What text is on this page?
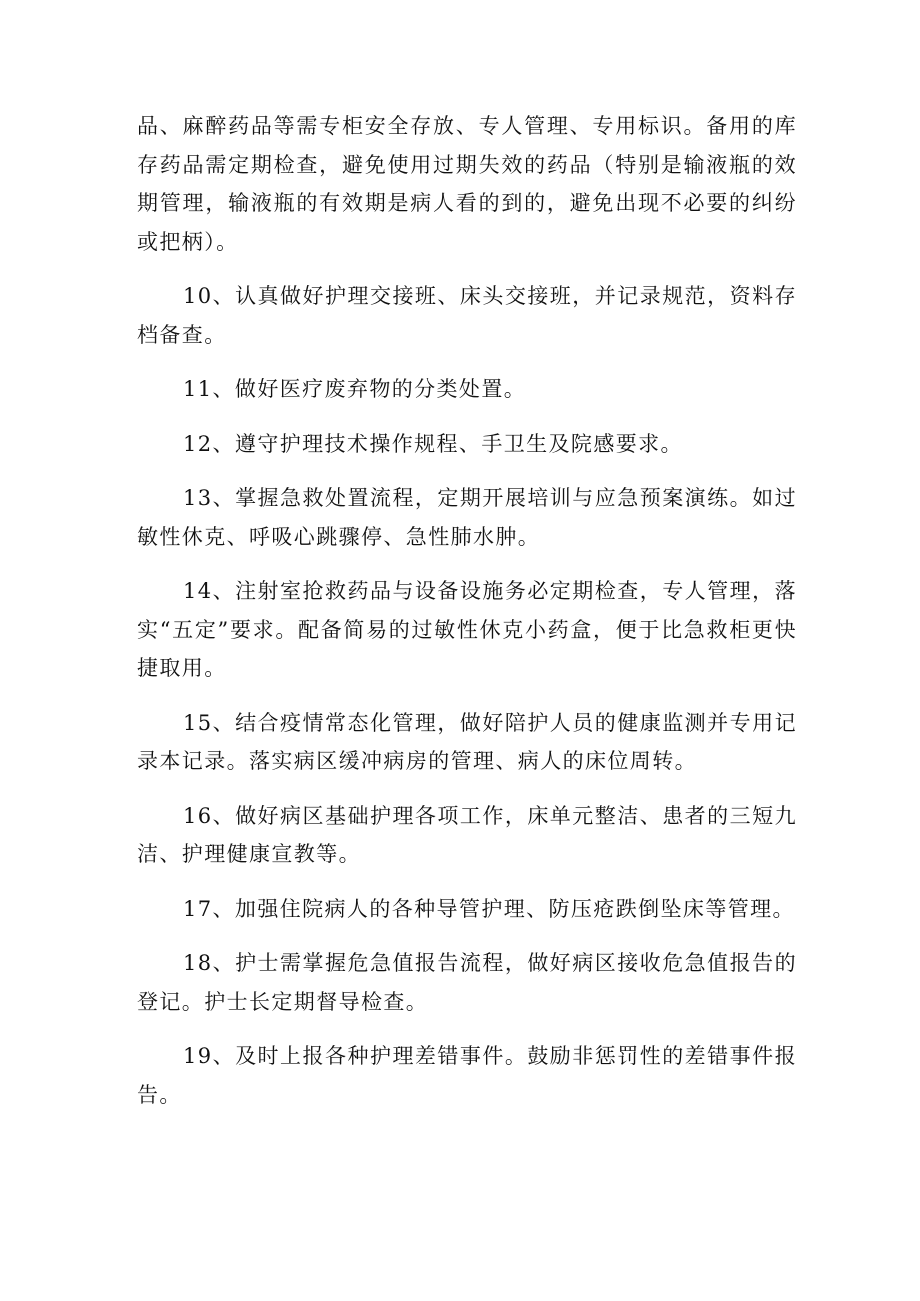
品、麻醉药品等需专柜安全存放、专人管理、专用标识。备用的库存药品需定期检查，避免使用过期失效的药品（特别是输液瓶的效期管理，输液瓶的有效期是病人看的到的，避免出现不必要的纠纷或把柄）。

10、认真做好护理交接班、床头交接班，并记录规范，资料存档备查。

11、做好医疗废弃物的分类处置。

12、遵守护理技术操作规程、手卫生及院感要求。

13、掌握急救处置流程，定期开展培训与应急预案演练。如过敏性休克、呼吸心跳骤停、急性肺水肿。

14、注射室抢救药品与设备设施务必定期检查，专人管理，落实“五定”要求。配备简易的过敏性休克小药盒，便于比急救柜更快捷取用。

15、结合疫情常态化管理，做好陪护人员的健康监测并专用记录本记录。落实病区缓冲病房的管理、病人的床位周转。

16、做好病区基础护理各项工作，床单元整洁、患者的三短九洁、护理健康宣教等。

17、加强住院病人的各种导管护理、防压疮跌倒坠床等管理。

18、护士需掌握危急值报告流程，做好病区接收危急值报告的登记。护士长定期督导检查。

19、及时上报各种护理差错事件。鼓励非惩罚性的差错事件报告。
